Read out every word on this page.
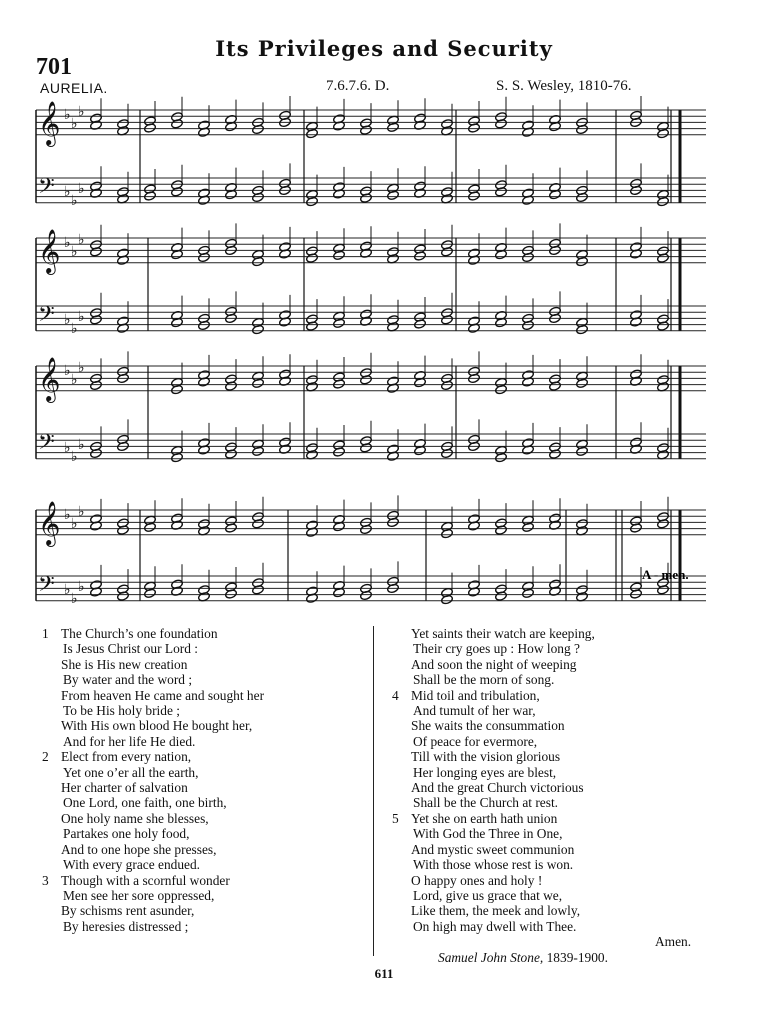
Its Privileges and Security
701
AURELIA.	7.6.7.6. D.	S. S. Wesley, 1810-76.
𝄞 ♭
♭
♭
𝄢 ♭
♭
♭
𝄞 ♭
♭
♭
𝄢 ♭
♭
♭
𝄞 ♭
♭
♭
𝄢 ♭
♭
♭
𝄞 ♭
♭
♭
𝄢 ♭
♭
♭
A - men.
1 The Church’s one foundation
Is Jesus Christ our Lord :
She is His new creation
By water and the word ;
From heaven He came and sought her
To be His holy bride ;
With His own blood He bought her,
And for her life He died.
2 Elect from every nation,
Yet one o’er all the earth,
Her charter of salvation
One Lord, one faith, one birth,
One holy name she blesses,
Partakes one holy food,
And to one hope she presses,
With every grace endued.
3 Though with a scornful wonder
Men see her sore oppressed,
By schisms rent asunder,
By heresies distressed ;
Yet saints their watch are keeping,
Their cry goes up : How long ?
And soon the night of weeping
Shall be the morn of song.
4 Mid toil and tribulation,
And tumult of her war,
She waits the consummation
Of peace for evermore,
Till with the vision glorious
Her longing eyes are blest,
And the great Church victorious
Shall be the Church at rest.
5 Yet she on earth hath union
With God the Three in One,
And mystic sweet communion
With those whose rest is won.
O happy ones and holy !
Lord, give us grace that we,
Like them, the meek and lowly,
On high may dwell with Thee.
Amen.
Samuel John Stone, 1839-1900.
611
